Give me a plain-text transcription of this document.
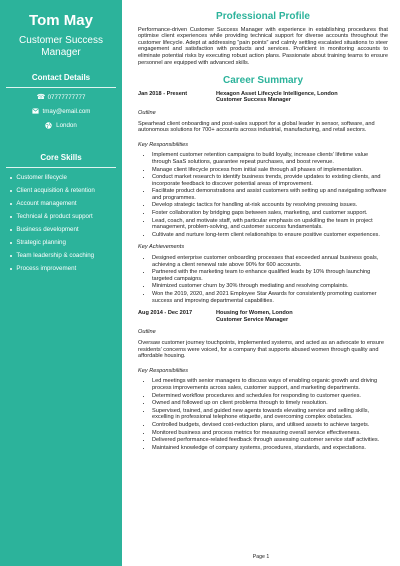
Tom May
Customer Success Manager
Contact Details
☎ 07777777777
tmay@email.com
London
Core Skills
Customer lifecycle
Client acquisition & retention
Account management
Technical & product support
Business development
Strategic planning
Team leadership & coaching
Process improvement
Professional Profile
Performance-driven Customer Success Manager with experience in establishing procedures that optimise client experiences while providing technical support for diverse accounts throughout the customer lifecycle. Adept at addressing “pain points” and calmly settling escalated situations to steer engagement and satisfaction with products and services. Proficient in monitoring accounts to eliminate potential risks by executing robust action plans. Passionate about training teams to ensure personnel are equipped with advanced skills.
Career Summary
Jan 2018 - Present	Hexagon Asset Lifecycle Intelligence, London
Customer Success Manager
Outline
Spearhead client onboarding and post-sales support for a global leader in sensor, software, and autonomous solutions for 700+ accounts across industrial, manufacturing, and retail sectors.
Key Responsibilities
• Implement customer retention campaigns to build loyalty, increase clients’ lifetime value through SaaS solutions, guarantee repeat purchases, and boost revenue.
• Manage client lifecycle process from initial sale through all phases of implementation.
• Conduct market research to identify business trends, provide updates to existing clients, and incorporate feedback to discover potential areas of improvement.
• Facilitate product demonstrations and assist customers with setting up and navigating software and programmes.
• Develop strategic tactics for handling at-risk accounts by resolving pressing issues.
• Foster collaboration by bridging gaps between sales, marketing, and customer support.
• Lead, coach, and motivate staff, with particular emphasis on upskilling the team in project management, problem-solving, and customer success fundamentals.
• Cultivate and nurture long-term client relationships to ensure positive customer experiences.
Key Achievements
• Designed enterprise customer onboarding processes that exceeded annual business goals, achieving a client renewal rate above 90% for 600 accounts.
• Partnered with the marketing team to enhance qualified leads by 10% through launching targeted campaigns.
• Minimized customer churn by 30% through mediating and resolving complaints.
• Won the 2019, 2020, and 2021 Employee Star Awards for consistently promoting customer success and improving departmental capabilities.
Aug 2014 - Dec 2017	Housing for Women, London
Customer Service Manager
Outline
Oversaw customer journey touchpoints, implemented systems, and acted as an advocate to ensure residents’ concerns were voiced, for a company that supports abused women through quality and affordable housing.
Key Responsibilities
• Led meetings with senior managers to discuss ways of enabling organic growth and driving process improvements across sales, customer support, and marketing departments.
• Determined workflow procedures and schedules for responding to customer queries.
• Owned and followed up on client problems through to timely resolution.
• Supervised, trained, and guided new agents towards elevating service and selling skills, excelling in professional telephone etiquette, and overcoming complex obstacles.
• Controlled budgets, devised cost-reduction plans, and utilised assets to achieve targets.
• Monitored business and process metrics for measuring overall service effectiveness.
• Delivered performance-related feedback through assessing customer service staff activities.
• Maintained knowledge of company systems, procedures, standards, and expectations.
Page 1
